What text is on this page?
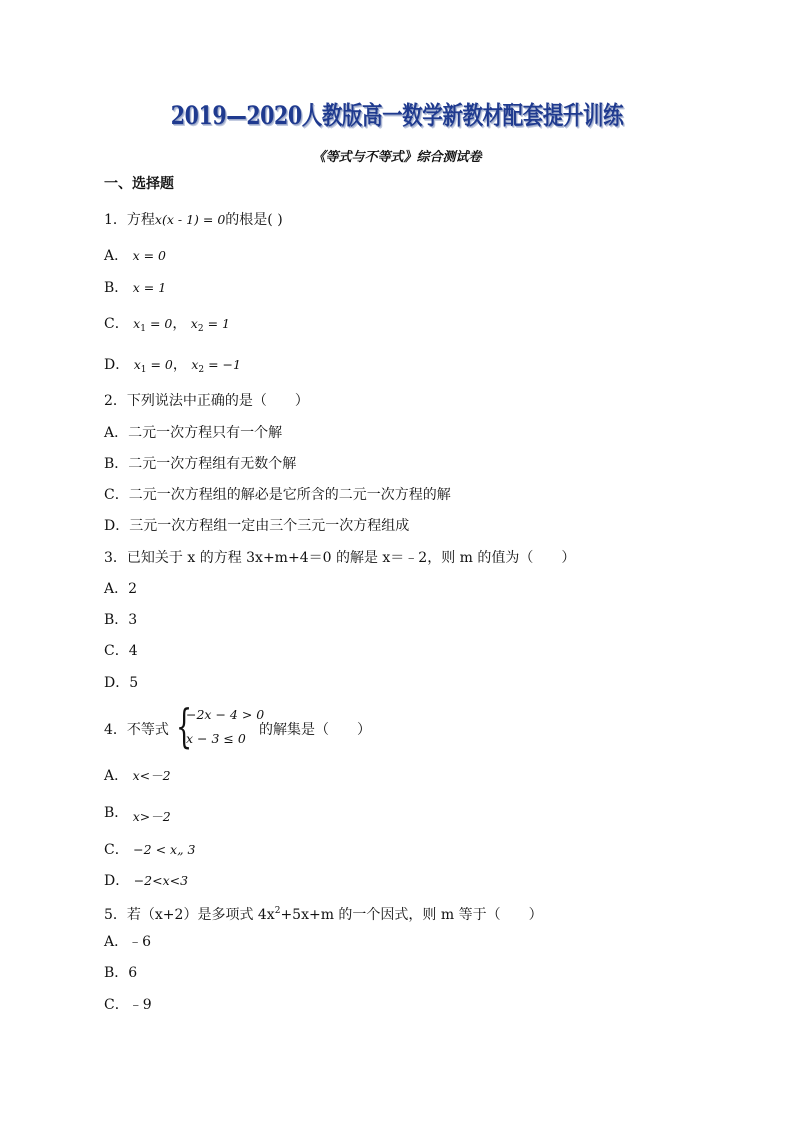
2019—2020人教版高一数学新教材配套提升训练
《等式与不等式》综合测试卷
一、选择题
1．方程x(x - 1) = 0的根是( )
A． x = 0
B． x = 1
C． $x_1 = 0$， $x_2 = 1$
D． $x_1 = 0$， $x_2 = -1$
2．下列说法中正确的是（　　）
A．二元一次方程只有一个解
B．二元一次方程组有无数个解
C．二元一次方程组的解必是它所含的二元一次方程的解
D．三元一次方程组一定由三个三元一次方程组成
3．已知关于 x 的方程 3x+m+4＝0 的解是 x＝﹣2，则 m 的值为（　　）
A．2
B．3
C．4
D．5
4．不等式 {
−2x − 4 > 0
x − 3 ≤ 0
的解集是（　　）
A． x<－2
B． x>－2
C． −2 < x„ 3
D． −2<x<3
5．若（x+2）是多项式 $4x^2+5x+m$ 的一个因式，则 m 等于（　　）
A．﹣6
B．6
C．﹣9
